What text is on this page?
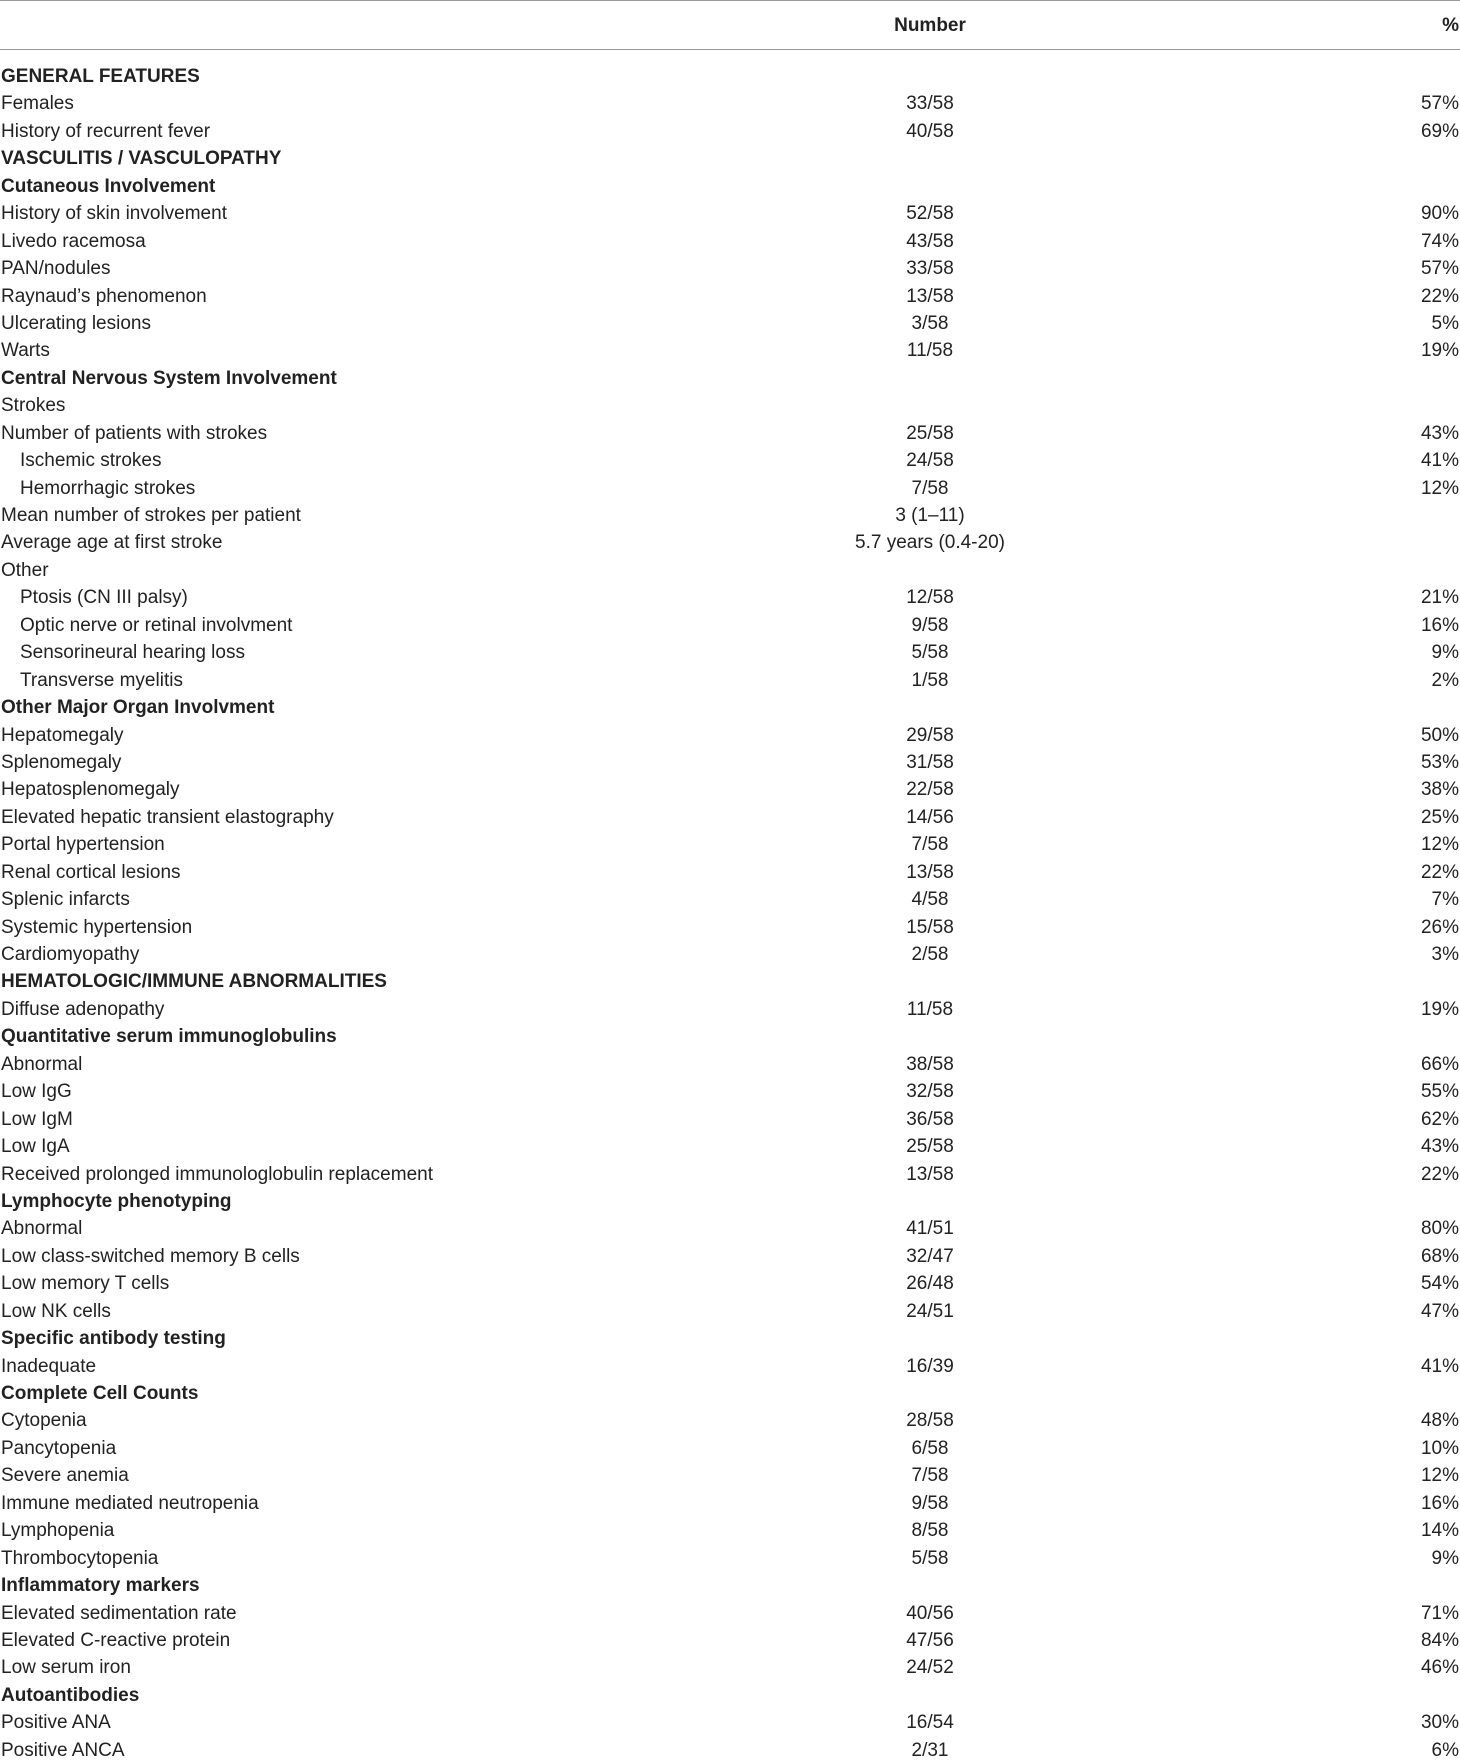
Number	%
GENERAL FEATURES
Females	33/58	57%
History of recurrent fever	40/58	69%
VASCULITIS / VASCULOPATHY
Cutaneous Involvement
History of skin involvement	52/58	90%
Livedo racemosa	43/58	74%
PAN/nodules	33/58	57%
Raynaud’s phenomenon	13/58	22%
Ulcerating lesions	3/58	5%
Warts	11/58	19%
Central Nervous System Involvement
Strokes
Number of patients with strokes	25/58	43%
Ischemic strokes	24/58	41%
Hemorrhagic strokes	7/58	12%
Mean number of strokes per patient	3 (1–11)
Average age at first stroke	5.7 years (0.4-20)
Other
Ptosis (CN III palsy)	12/58	21%
Optic nerve or retinal involvment	9/58	16%
Sensorineural hearing loss	5/58	9%
Transverse myelitis	1/58	2%
Other Major Organ Involvment
Hepatomegaly	29/58	50%
Splenomegaly	31/58	53%
Hepatosplenomegaly	22/58	38%
Elevated hepatic transient elastography	14/56	25%
Portal hypertension	7/58	12%
Renal cortical lesions	13/58	22%
Splenic infarcts	4/58	7%
Systemic hypertension	15/58	26%
Cardiomyopathy	2/58	3%
HEMATOLOGIC/IMMUNE ABNORMALITIES
Diffuse adenopathy	11/58	19%
Quantitative serum immunoglobulins
Abnormal	38/58	66%
Low IgG	32/58	55%
Low IgM	36/58	62%
Low IgA	25/58	43%
Received prolonged immunologlobulin replacement	13/58	22%
Lymphocyte phenotyping
Abnormal	41/51	80%
Low class-switched memory B cells	32/47	68%
Low memory T cells	26/48	54%
Low NK cells	24/51	47%
Specific antibody testing
Inadequate	16/39	41%
Complete Cell Counts
Cytopenia	28/58	48%
Pancytopenia	6/58	10%
Severe anemia	7/58	12%
Immune mediated neutropenia	9/58	16%
Lymphopenia	8/58	14%
Thrombocytopenia	5/58	9%
Inflammatory markers
Elevated sedimentation rate	40/56	71%
Elevated C-reactive protein	47/56	84%
Low serum iron	24/52	46%
Autoantibodies
Positive ANA	16/54	30%
Positive ANCA	2/31	6%
